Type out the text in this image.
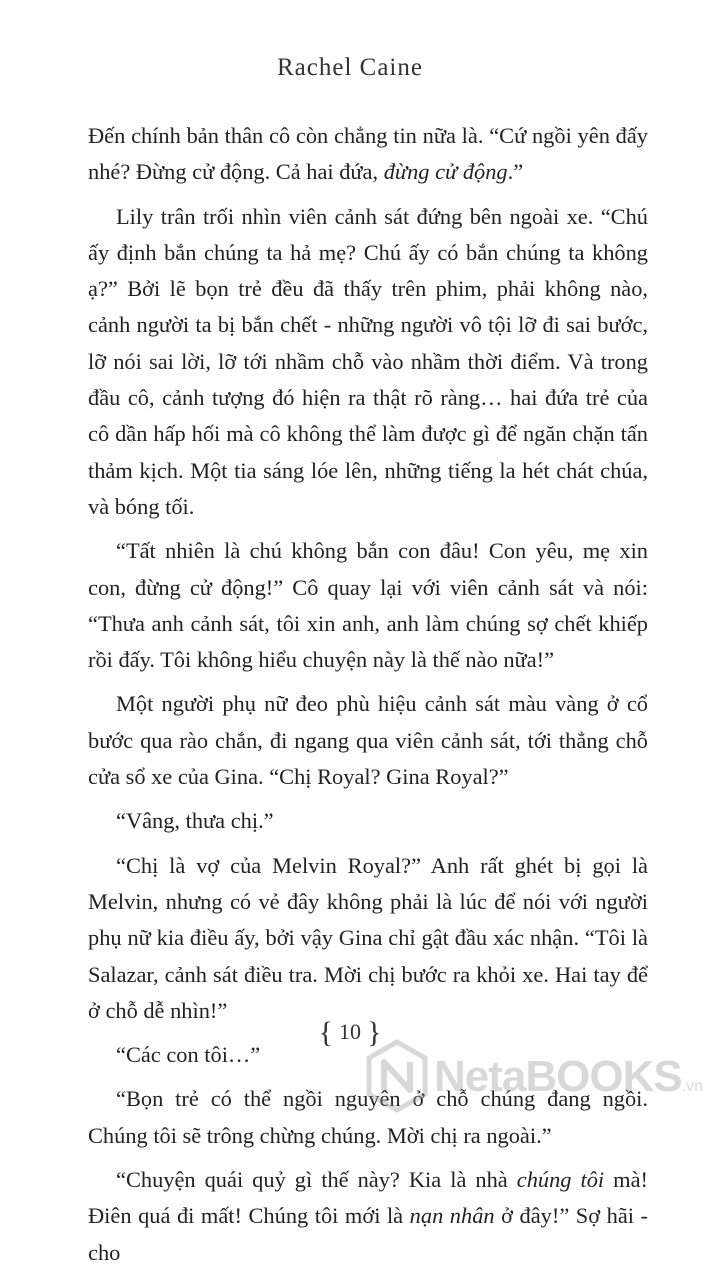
Rachel Caine

Đến chính bản thân cô còn chẳng tin nữa là. “Cứ ngồi yên đấy nhé? Đừng cử động. Cả hai đứa, đừng cử động.”

Lily trân trối nhìn viên cảnh sát đứng bên ngoài xe. “Chú ấy định bắn chúng ta hả mẹ? Chú ấy có bắn chúng ta không ạ?” Bởi lẽ bọn trẻ đều đã thấy trên phim, phải không nào, cảnh người ta bị bắn chết - những người vô tội lỡ đi sai bước, lỡ nói sai lời, lỡ tới nhầm chỗ vào nhầm thời điểm. Và trong đầu cô, cảnh tượng đó hiện ra thật rõ ràng… hai đứa trẻ của cô dần hấp hối mà cô không thể làm được gì để ngăn chặn tấn thảm kịch. Một tia sáng lóe lên, những tiếng la hét chát chúa, và bóng tối.

“Tất nhiên là chú không bắn con đâu! Con yêu, mẹ xin con, đừng cử động!” Cô quay lại với viên cảnh sát và nói: “Thưa anh cảnh sát, tôi xin anh, anh làm chúng sợ chết khiếp rồi đấy. Tôi không hiểu chuyện này là thế nào nữa!”

Một người phụ nữ đeo phù hiệu cảnh sát màu vàng ở cổ bước qua rào chắn, đi ngang qua viên cảnh sát, tới thẳng chỗ cửa sổ xe của Gina. “Chị Royal? Gina Royal?”

“Vâng, thưa chị.”

“Chị là vợ của Melvin Royal?” Anh rất ghét bị gọi là Melvin, nhưng có vẻ đây không phải là lúc để nói với người phụ nữ kia điều ấy, bởi vậy Gina chỉ gật đầu xác nhận. “Tôi là Salazar, cảnh sát điều tra. Mời chị bước ra khỏi xe. Hai tay để ở chỗ dễ nhìn!”

“Các con tôi…”

“Bọn trẻ có thể ngồi nguyên ở chỗ chúng đang ngồi. Chúng tôi sẽ trông chừng chúng. Mời chị ra ngoài.”

“Chuyện quái quỷ gì thế này? Kia là nhà chúng tôi mà! Điên quá đi mất! Chúng tôi mới là nạn nhân ở đây!” Sợ hãi - cho

{ 10 }
NetaBOOKS.vn
